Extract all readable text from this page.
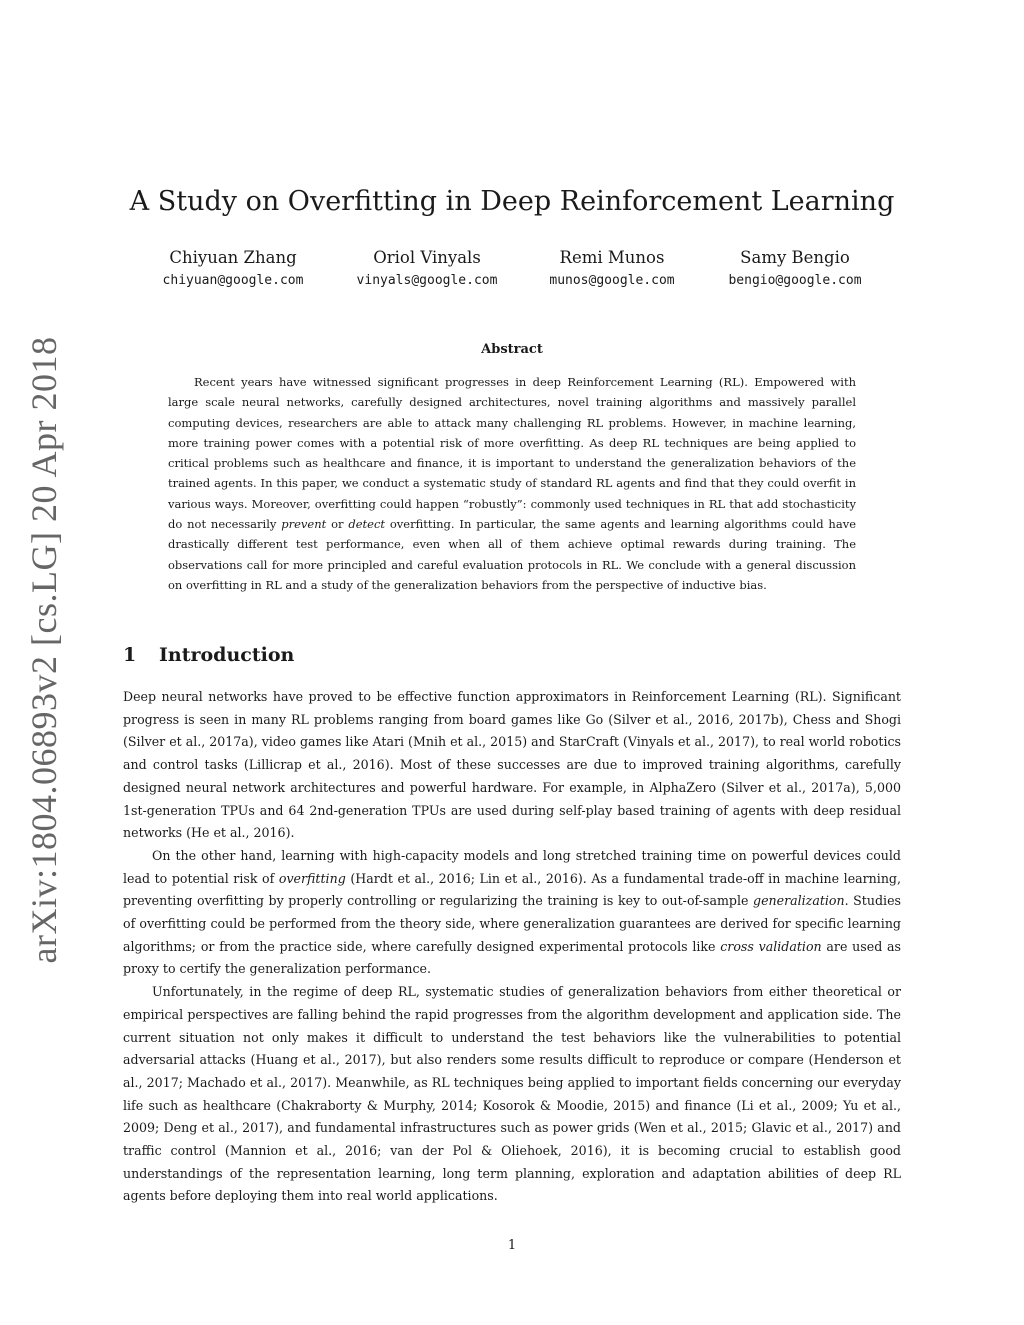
arXiv:1804.06893v2 [cs.LG] 20 Apr 2018
A Study on Overfitting in Deep Reinforcement Learning
Chiyuan Zhang
chiyuan@google.com
Oriol Vinyals
vinyals@google.com
Remi Munos
munos@google.com
Samy Bengio
bengio@google.com
Abstract

Recent years have witnessed significant progresses in deep Reinforcement Learning (RL). Empowered with large scale neural networks, carefully designed architectures, novel training algorithms and massively parallel computing devices, researchers are able to attack many challenging RL problems. However, in machine learning, more training power comes with a potential risk of more overfitting. As deep RL techniques are being applied to critical problems such as healthcare and finance, it is important to understand the generalization behaviors of the trained agents. In this paper, we conduct a systematic study of standard RL agents and find that they could overfit in various ways. Moreover, overfitting could happen “robustly”: commonly used techniques in RL that add stochasticity do not necessarily prevent or detect overfitting. In particular, the same agents and learning algorithms could have drastically different test performance, even when all of them achieve optimal rewards during training. The observations call for more principled and careful evaluation protocols in RL. We conclude with a general discussion on overfitting in RL and a study of the generalization behaviors from the perspective of inductive bias.

1 Introduction

Deep neural networks have proved to be effective function approximators in Reinforcement Learning (RL). Significant progress is seen in many RL problems ranging from board games like Go (Silver et al., 2016, 2017b), Chess and Shogi (Silver et al., 2017a), video games like Atari (Mnih et al., 2015) and StarCraft (Vinyals et al., 2017), to real world robotics and control tasks (Lillicrap et al., 2016). Most of these successes are due to improved training algorithms, carefully designed neural network architectures and powerful hardware. For example, in AlphaZero (Silver et al., 2017a), 5,000 1st-generation TPUs and 64 2nd-generation TPUs are used during self-play based training of agents with deep residual networks (He et al., 2016).

On the other hand, learning with high-capacity models and long stretched training time on powerful devices could lead to potential risk of overfitting (Hardt et al., 2016; Lin et al., 2016). As a fundamental trade-off in machine learning, preventing overfitting by properly controlling or regularizing the training is key to out-of-sample generalization. Studies of overfitting could be performed from the theory side, where generalization guarantees are derived for specific learning algorithms; or from the practice side, where carefully designed experimental protocols like cross validation are used as proxy to certify the generalization performance.

Unfortunately, in the regime of deep RL, systematic studies of generalization behaviors from either theoretical or empirical perspectives are falling behind the rapid progresses from the algorithm development and application side. The current situation not only makes it difficult to understand the test behaviors like the vulnerabilities to potential adversarial attacks (Huang et al., 2017), but also renders some results difficult to reproduce or compare (Henderson et al., 2017; Machado et al., 2017). Meanwhile, as RL techniques being applied to important fields concerning our everyday life such as healthcare (Chakraborty & Murphy, 2014; Kosorok & Moodie, 2015) and finance (Li et al., 2009; Yu et al., 2009; Deng et al., 2017), and fundamental infrastructures such as power grids (Wen et al., 2015; Glavic et al., 2017) and traffic control (Mannion et al., 2016; van der Pol & Oliehoek, 2016), it is becoming crucial to establish good understandings of the representation learning, long term planning, exploration and adaptation abilities of deep RL agents before deploying them into real world applications.

1
